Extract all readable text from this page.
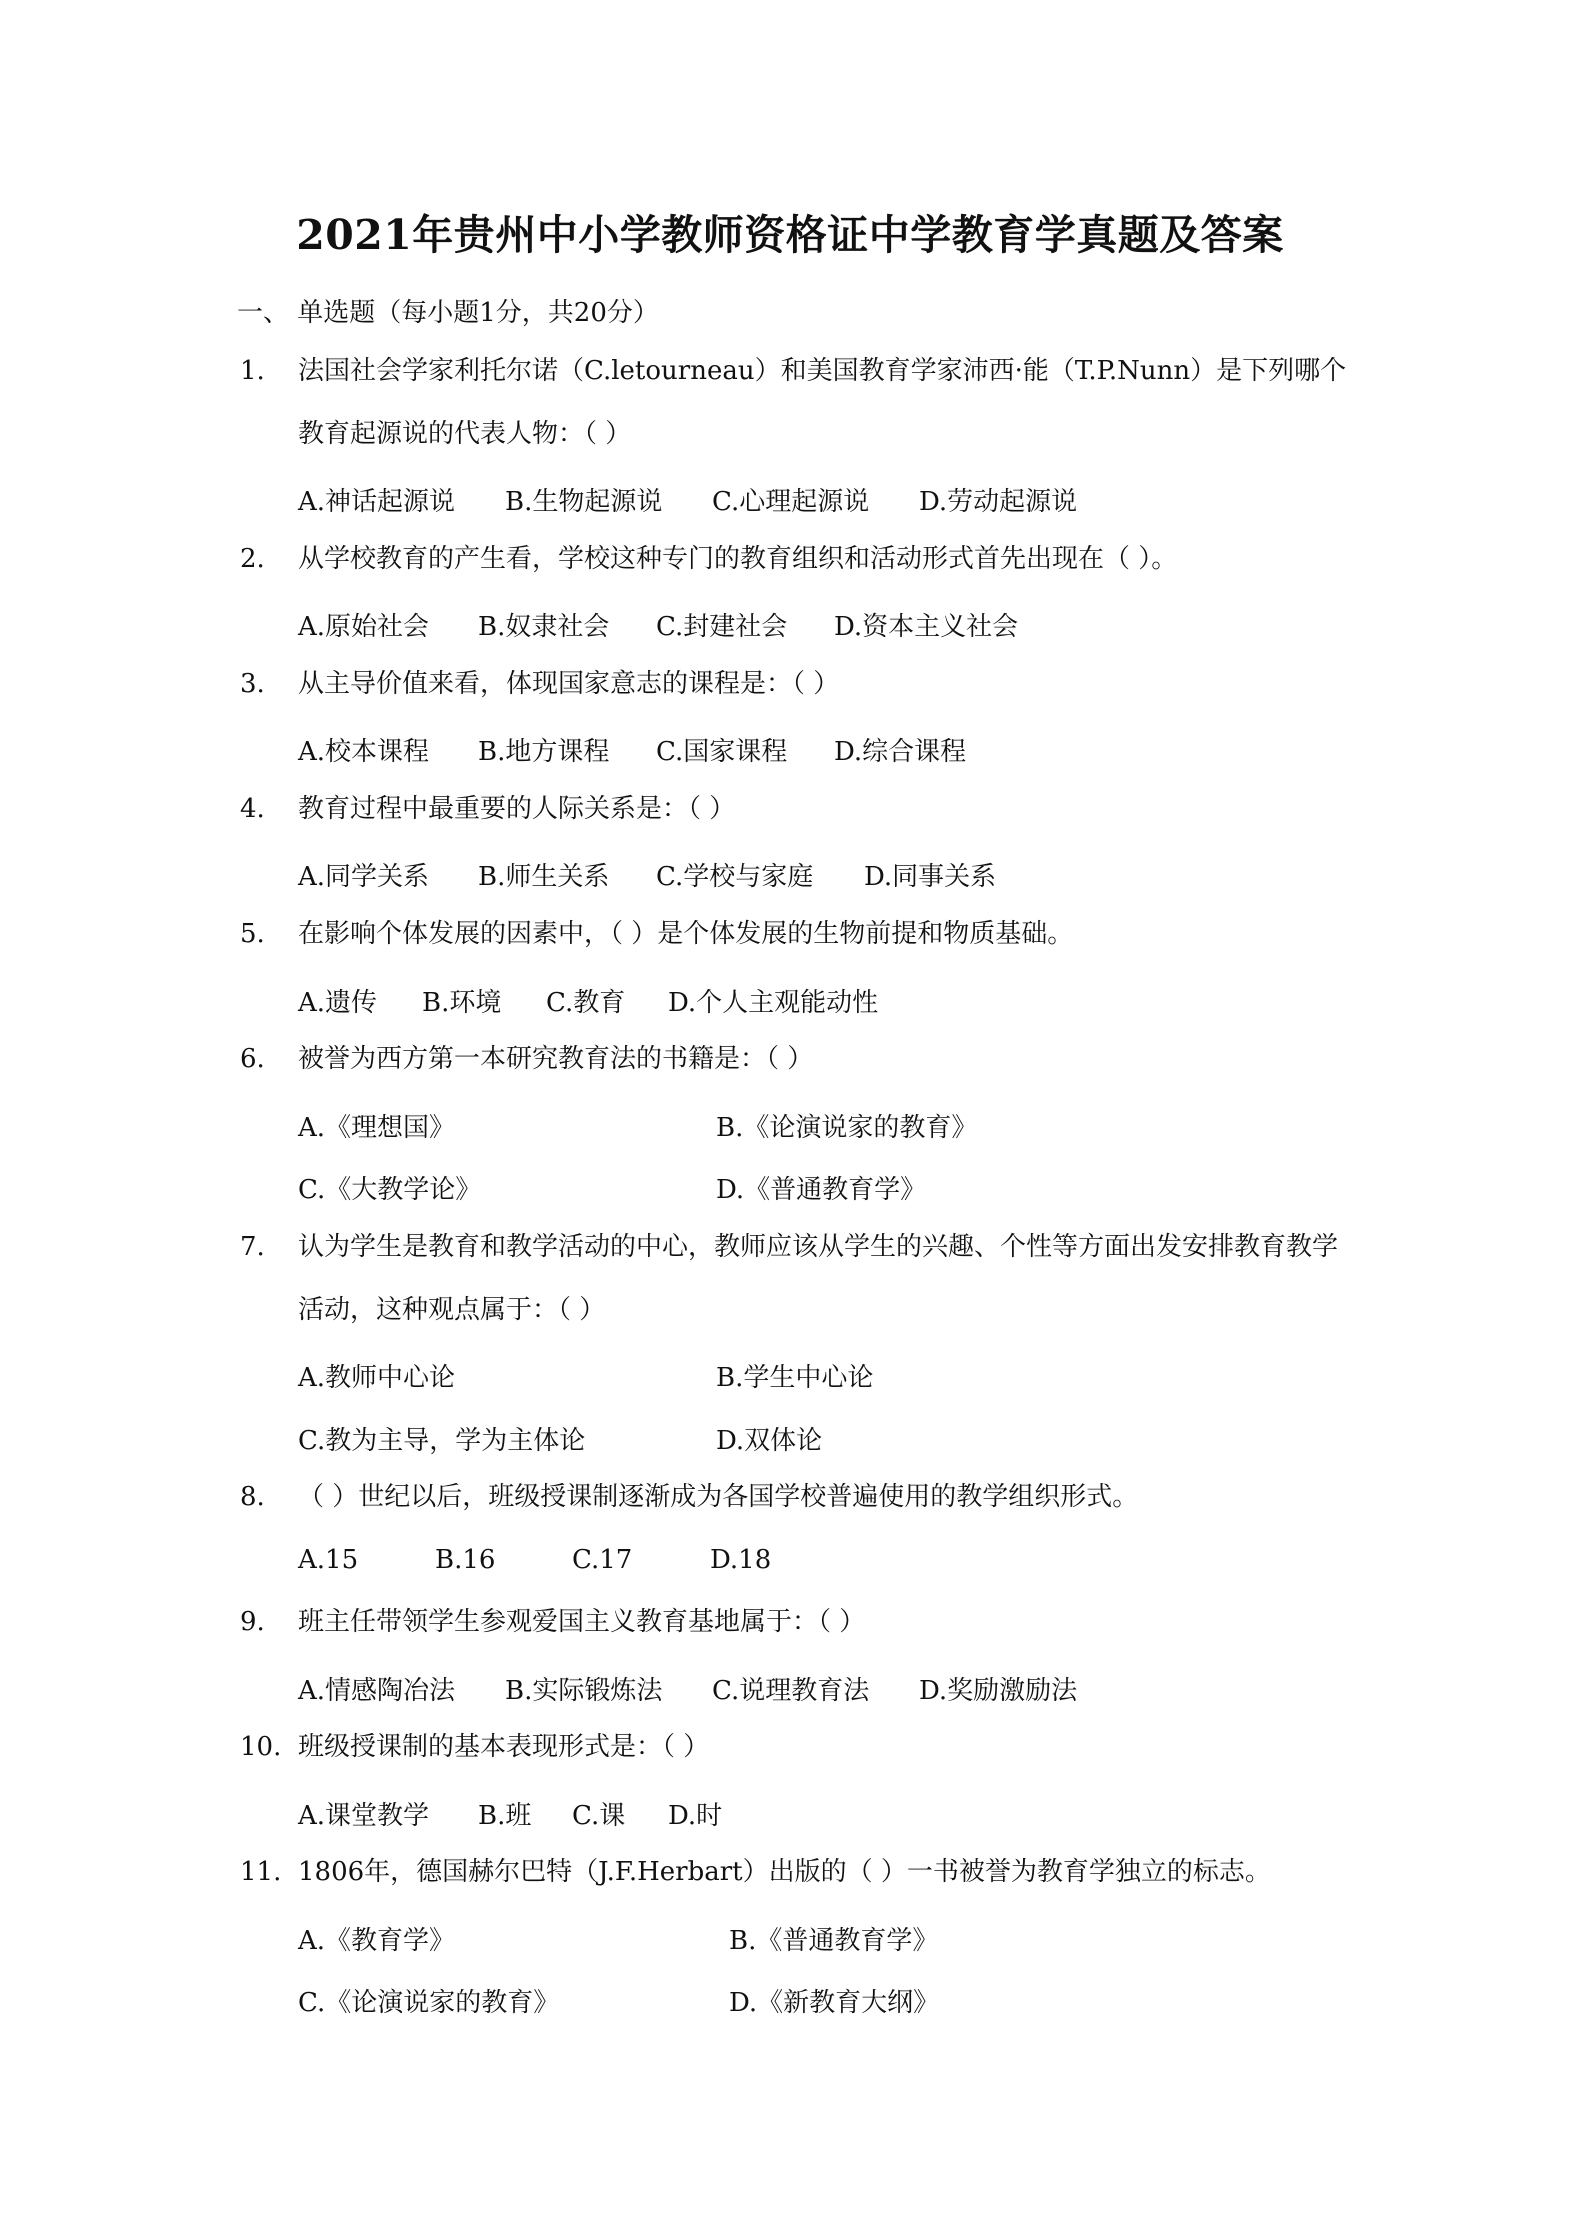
2021年贵州中小学教师资格证中学教育学真题及答案
一、 单选题（每小题1分，共20分）
1. 法国社会学家利托尔诺（C.letourneau）和美国教育学家沛西·能（T.P.Nunn）是下列哪个教育起源说的代表人物：（ ）
A.神话起源说 B.生物起源说 C.心理起源说 D.劳动起源说
2. 从学校教育的产生看，学校这种专门的教育组织和活动形式首先出现在（ ）。
A.原始社会 B.奴隶社会 C.封建社会 D.资本主义社会
3. 从主导价值来看，体现国家意志的课程是：（ ）
A.校本课程 B.地方课程 C.国家课程 D.综合课程
4. 教育过程中最重要的人际关系是：（ ）
A.同学关系 B.师生关系 C.学校与家庭 D.同事关系
5. 在影响个体发展的因素中，（ ）是个体发展的生物前提和物质基础。
A.遗传 B.环境 C.教育 D.个人主观能动性
6. 被誉为西方第一本研究教育法的书籍是：（ ）
A.《理想国》	B.《论演说家的教育》
C.《大教学论》	D.《普通教育学》
7. 认为学生是教育和教学活动的中心，教师应该从学生的兴趣、个性等方面出发安排教育教学活动，这种观点属于：（ ）
A.教师中心论	B.学生中心论
C.教为主导，学为主体论	D.双体论
8. （ ）世纪以后，班级授课制逐渐成为各国学校普遍使用的教学组织形式。
A.15	B.16	C.17	D.18
9. 班主任带领学生参观爱国主义教育基地属于：（ ）
A.情感陶冶法 B.实际锻炼法 C.说理教育法 D.奖励激励法
10. 班级授课制的基本表现形式是：（ ）
A.课堂教学 B.班 C.课 D.时
11. 1806年，德国赫尔巴特（J.F.Herbart）出版的（ ）一书被誉为教育学独立的标志。
A.《教育学》	B.《普通教育学》
C.《论演说家的教育》	D.《新教育大纲》
